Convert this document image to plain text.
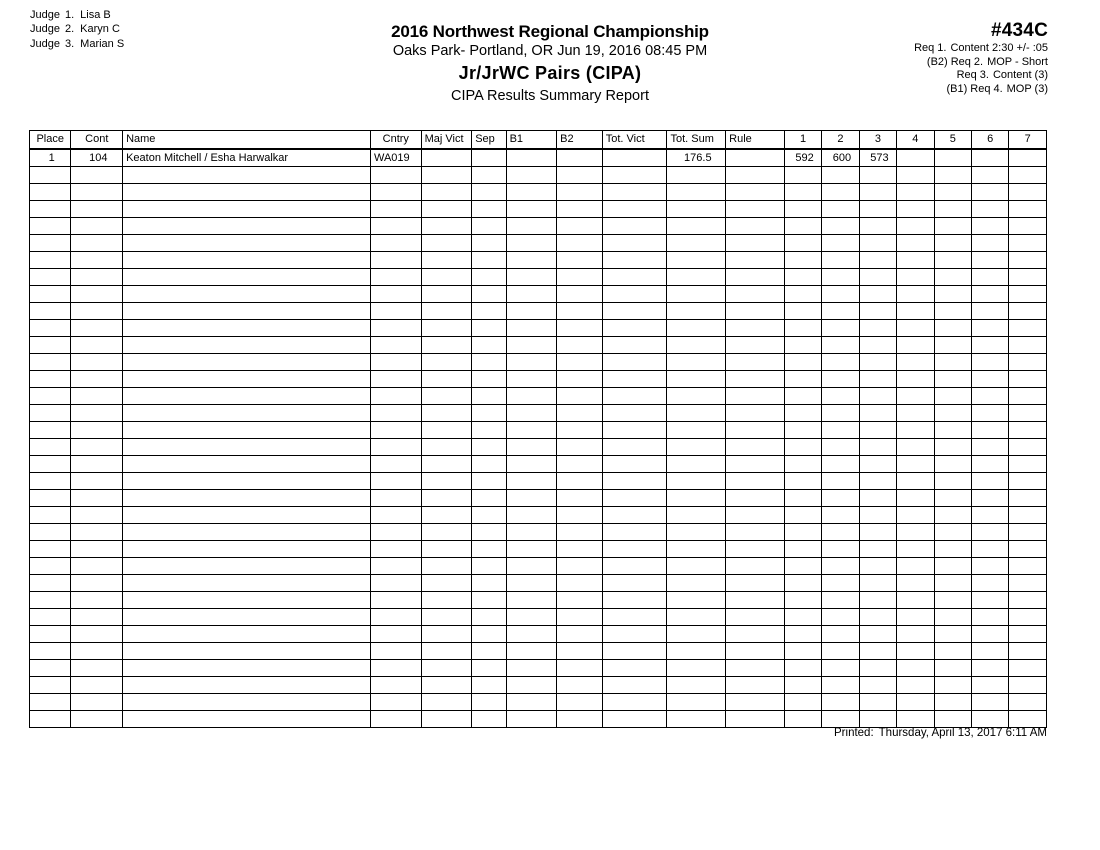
Judge 1. Lisa B
Judge 2. Karyn C
Judge 3. Marian S
2016 Northwest Regional Championship
Oaks Park- Portland, OR Jun 19, 2016 08:45 PM
Jr/JrWC Pairs (CIPA)
CIPA Results Summary Report
#434C
Req 1. Content 2:30 +/- :05
(B2) Req 2. MOP - Short
Req 3. Content (3)
(B1) Req 4. MOP (3)
Place	Cont	Name	Cntry	Maj Vict	Sep	B1	B2	Tot. Vict	Tot. Sum	Rule	1	2	3	4	5	6	7
1	104	Keaton Mitchell / Esha Harwalkar	WA019						176.5		592	600	573				

Printed: Thursday, April 13, 2017 6:11 AM
